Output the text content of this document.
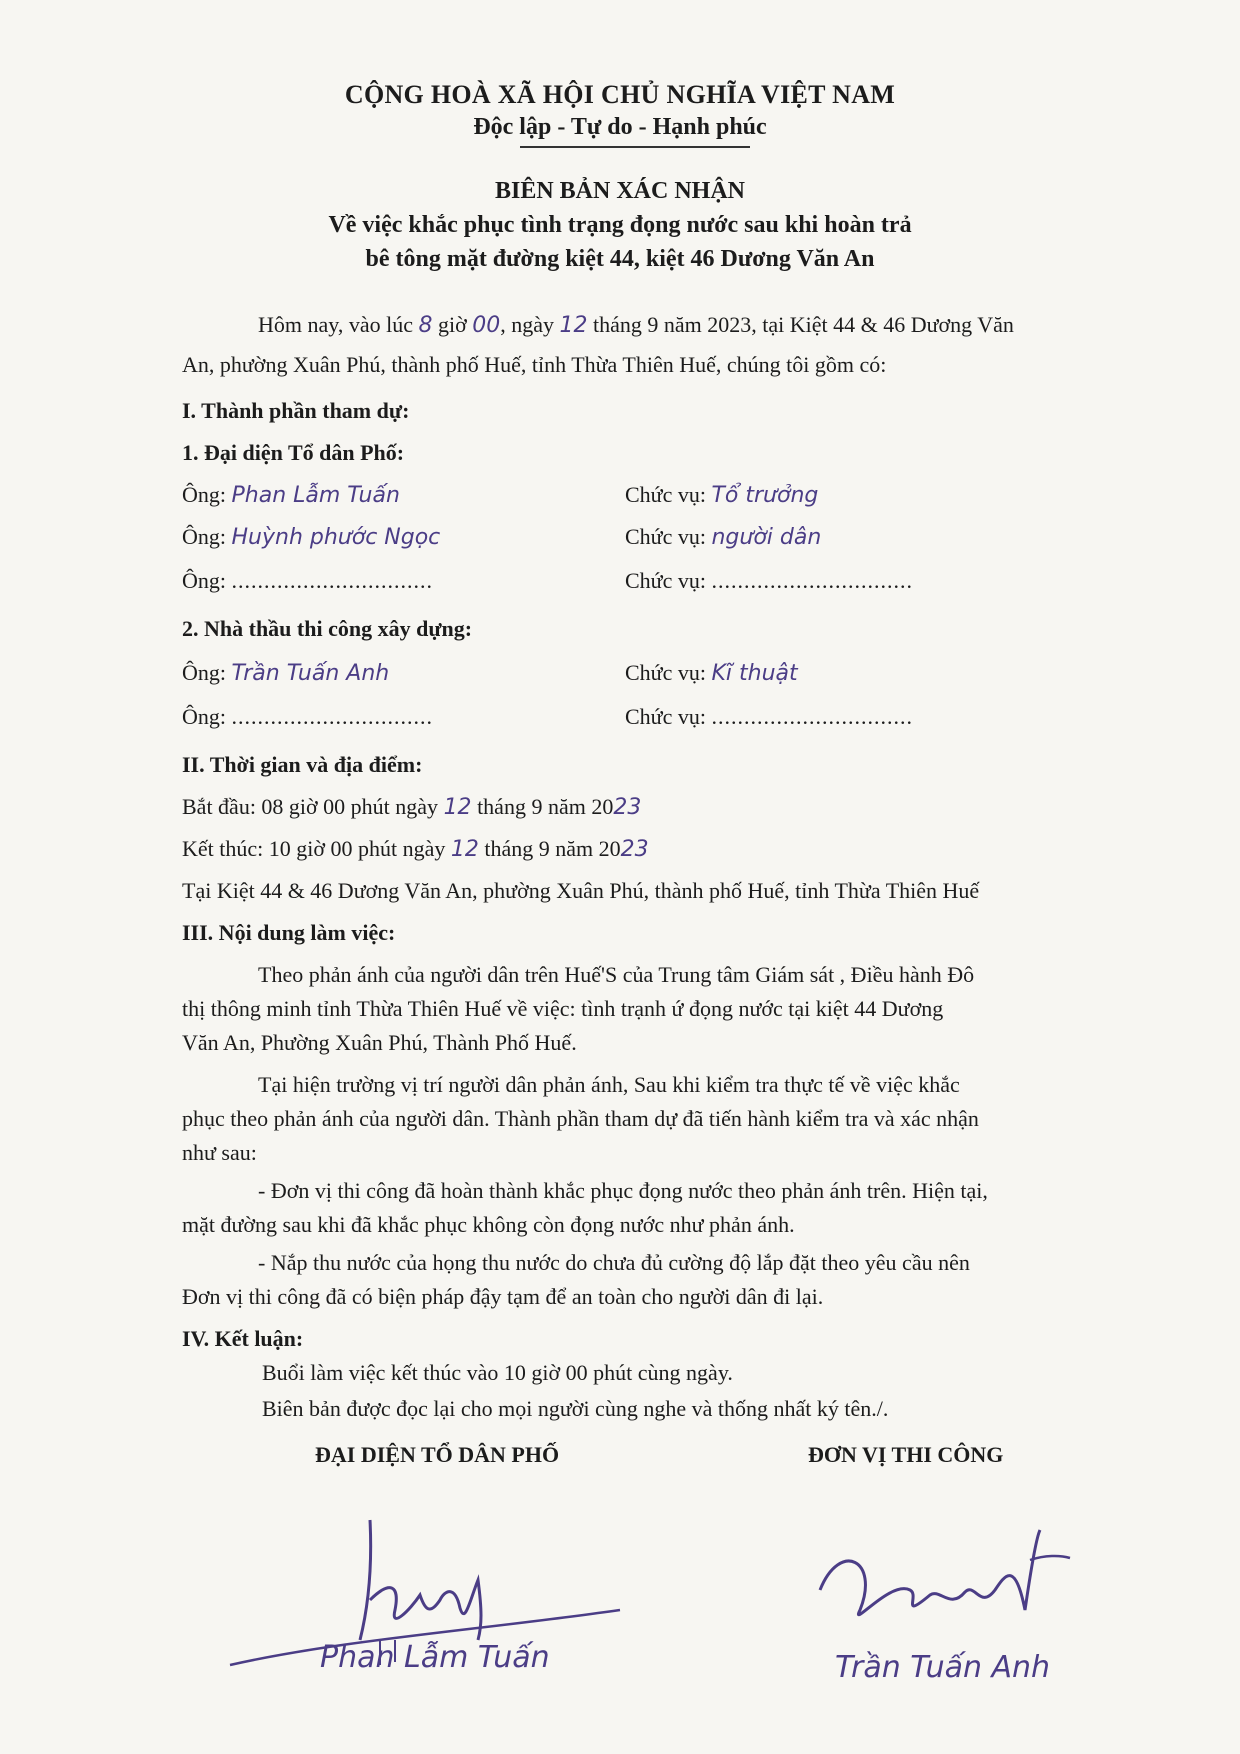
CỘNG HOÀ XÃ HỘI CHỦ NGHĨA VIỆT NAM
Độc lập - Tự do - Hạnh phúc
BIÊN BẢN XÁC NHẬN
Về việc khắc phục tình trạng đọng nước sau khi hoàn trả
bê tông mặt đường kiệt 44, kiệt 46 Dương Văn An
Hôm nay, vào lúc 8 giờ 00, ngày 12 tháng 9 năm 2023, tại Kiệt 44 & 46 Dương Văn
An, phường Xuân Phú, thành phố Huế, tỉnh Thừa Thiên Huế, chúng tôi gồm có:
I. Thành phần tham dự:
1. Đại diện Tổ dân Phố:
Ông: Phan Lẫm Tuấn	Chức vụ: Tổ trưởng
Ông: Huỳnh phước Ngọc	Chức vụ: người dân
Ông: ...............................	Chức vụ: ...............................
2. Nhà thầu thi công xây dựng:
Ông: Trần Tuấn Anh	Chức vụ: Kĩ thuật
Ông: ...............................	Chức vụ: ...............................
II. Thời gian và địa điểm:
Bắt đầu: 08 giờ 00 phút ngày 12 tháng 9 năm 2023
Kết thúc: 10 giờ 00 phút ngày 12 tháng 9 năm 2023
Tại Kiệt 44 & 46 Dương Văn An, phường Xuân Phú, thành phố Huế, tỉnh Thừa Thiên Huế
III. Nội dung làm việc:
Theo phản ánh của người dân trên Huế'S của Trung tâm Giám sát , Điều hành Đô
thị thông minh tỉnh Thừa Thiên Huế về việc: tình trạnh ứ đọng nước tại kiệt 44 Dương
Văn An, Phường Xuân Phú, Thành Phố Huế.
Tại hiện trường vị trí người dân phản ánh, Sau khi kiểm tra thực tế về việc khắc
phục theo phản ánh của người dân. Thành phần tham dự đã tiến hành kiểm tra và xác nhận
như sau:
- Đơn vị thi công đã hoàn thành khắc phục đọng nước theo phản ánh trên. Hiện tại,
mặt đường sau khi đã khắc phục không còn đọng nước như phản ánh.
- Nắp thu nước của họng thu nước do chưa đủ cường độ lắp đặt theo yêu cầu nên
Đơn vị thi công đã có biện pháp đậy tạm để an toàn cho người dân đi lại.
IV. Kết luận:
Buổi làm việc kết thúc vào 10 giờ 00 phút cùng ngày.
Biên bản được đọc lại cho mọi người cùng nghe và thống nhất ký tên./.
ĐẠI DIỆN TỔ DÂN PHỐ	ĐƠN VỊ THI CÔNG
Phan Lẫm Tuấn	Trần Tuấn Anh
